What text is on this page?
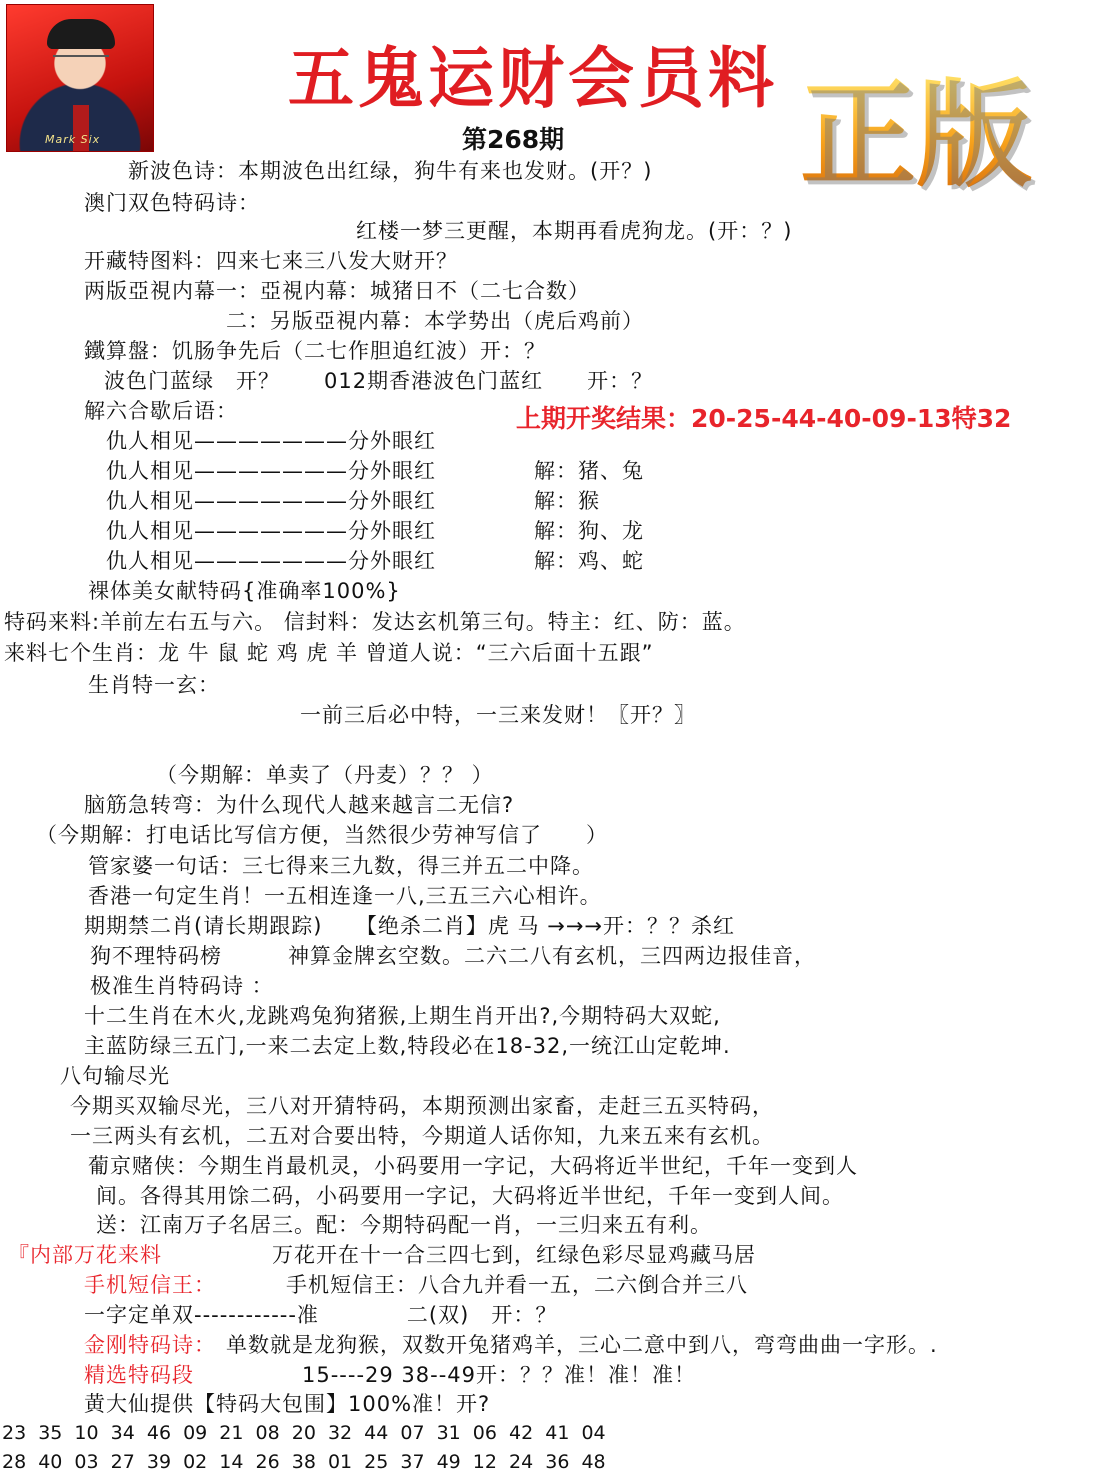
Mark Six
五鬼运财会员料
第268期 正版
新波色诗：本期波色出红绿，狗牛有来也发财。(开？)
澳门双色特码诗：
红楼一梦三更醒，本期再看虎狗龙。(开：？)
开藏特图料：四来七来三八发大财开？
两版亞視内幕一：亞視内幕：城猪日不（二七合数）
二：另版亞視内幕：本学势出（虎后鸡前）
鐵算盤：饥肠争先后（二七作胆追红波）开：？
波色门蓝绿　开？　　012期香港波色门蓝红　　开：？
解六合歇后语：	上期开奖结果：20-25-44-40-09-13特32
仇人相见———————分外眼红
仇人相见———————分外眼红	解：猪、兔
仇人相见———————分外眼红	解：猴
仇人相见———————分外眼红	解：狗、龙
仇人相见———————分外眼红	解：鸡、蛇
裸体美女献特码{准确率100%}
特码来料:羊前左右五与六。 信封料：发达玄机第三句。特主：红、防：蓝。
来料七个生肖：龙 牛 鼠 蛇 鸡 虎 羊 曾道人说：“三六后面十五跟”
生肖特一玄：
一前三后必中特，一三来发财！〖开？〗
（今期解：单卖了（丹麦）？？ ）
脑筋急转弯：为什么现代人越来越言二无信?
（今期解：打电话比写信方便，当然很少劳神写信了　　）
管家婆一句话：三七得来三九数，得三并五二中降。
香港一句定生肖！一五相连逢一八,三五三六心相许。
期期禁二肖(请长期跟踪)　　【绝杀二肖】虎 马 →→→开：？？杀红
狗不理特码榜　　　神算金牌玄空数。二六二八有玄机，三四两边报佳音，
极准生肖特码诗 ：
十二生肖在木火,龙跳鸡兔狗猪猴,上期生肖开出?,今期特码大双蛇,
主蓝防绿三五门,一来二去定上数,特段必在18-32,一统江山定乾坤.
八句输尽光
今期买双输尽光，三八对开猜特码，本期预测出家畜，走赶三五买特码，
一三两头有玄机，二五对合要出特，今期道人话你知，九来五来有玄机。
葡京赌侠：今期生肖最机灵，小码要用一字记，大码将近半世纪，千年一变到人
间。各得其用馀二码，小码要用一字记，大码将近半世纪，千年一变到人间。
送：江南万子名居三。配：今期特码配一肖，一三归来五有利。
『内部万花来料	万花开在十一合三四七到，红绿色彩尽显鸡藏马居
手机短信王：	手机短信王：八合九并看一五，二六倒合并三八
一字定单双------------准　　　　二(双)　开：？
金刚特码诗： 单数就是龙狗猴，双数开兔猪鸡羊，三心二意中到八，弯弯曲曲一字形。.
精选特码段	15----29 38--49开：？？准！准！准！
黄大仙提供【特码大包围】100%准！开?
23 35 10 34 46 09 21 08 20 32 44 07 31 06 42 41 04
28 40 03 27 39 02 14 26 38 01 25 37 49 12 24 36 48
